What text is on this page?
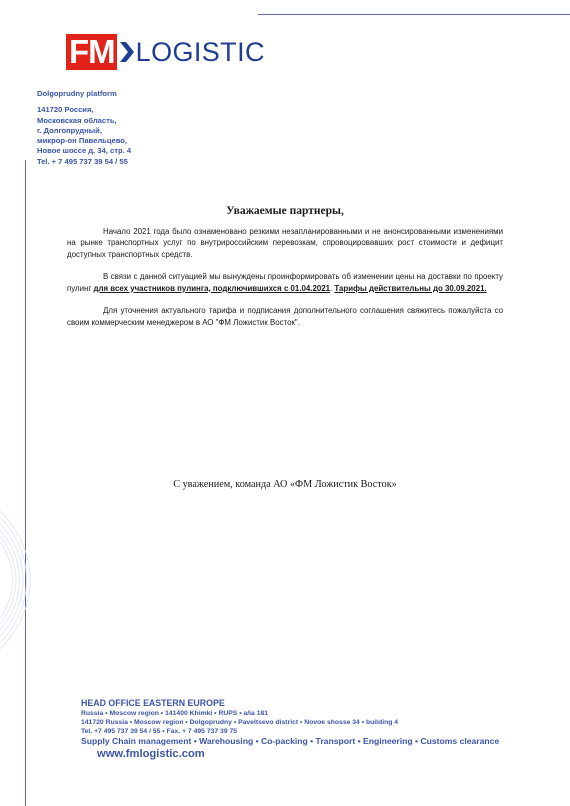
FM LOGISTIC
Dolgoprudny platform
141720 Россия,
Московская область,
г. Долгопрудный,
микрор-он Павельцево,
Новое шоссе д. 34, стр. 4
Tel. + 7 495 737 39 54 / 55
Уважаемые партнеры,

Начало 2021 года было ознаменовано резкими незапланированными и не анонсированными изменениями на рынке транспортных услуг по внутрироссийским перевозкам, спровоцировавших рост стоимости и дефицит доступных транспортных средств.

В связи с данной ситуацией мы вынуждены проинформировать об изменении цены на доставки по проекту пулинг для всех участников пулинга, подключившихся с 01.04.2021. Тарифы действительны до 30.09.2021.

Для уточнения актуального тарифа и подписания дополнительного соглашения свяжитесь пожалуйста со своим коммерческим менеджером в АО "ФМ Ложистик Восток".

С уважением, команда АО «ФМ Ложистик Восток»
HEAD OFFICE EASTERN EUROPE
Russia • Moscow region • 141400 Khimki • RUPS • a/ia 181
141720 Russia • Moscow region • Dolgoprudny • Paveltsevo district • Novoe shosse 34 • building 4
Tel. +7 495 737 39 54 / 55 • Fax. + 7 495 737 39 75
Supply Chain management • Warehousing • Co-packing • Transport • Engineering • Customs clearance
www.fmlogistic.com
